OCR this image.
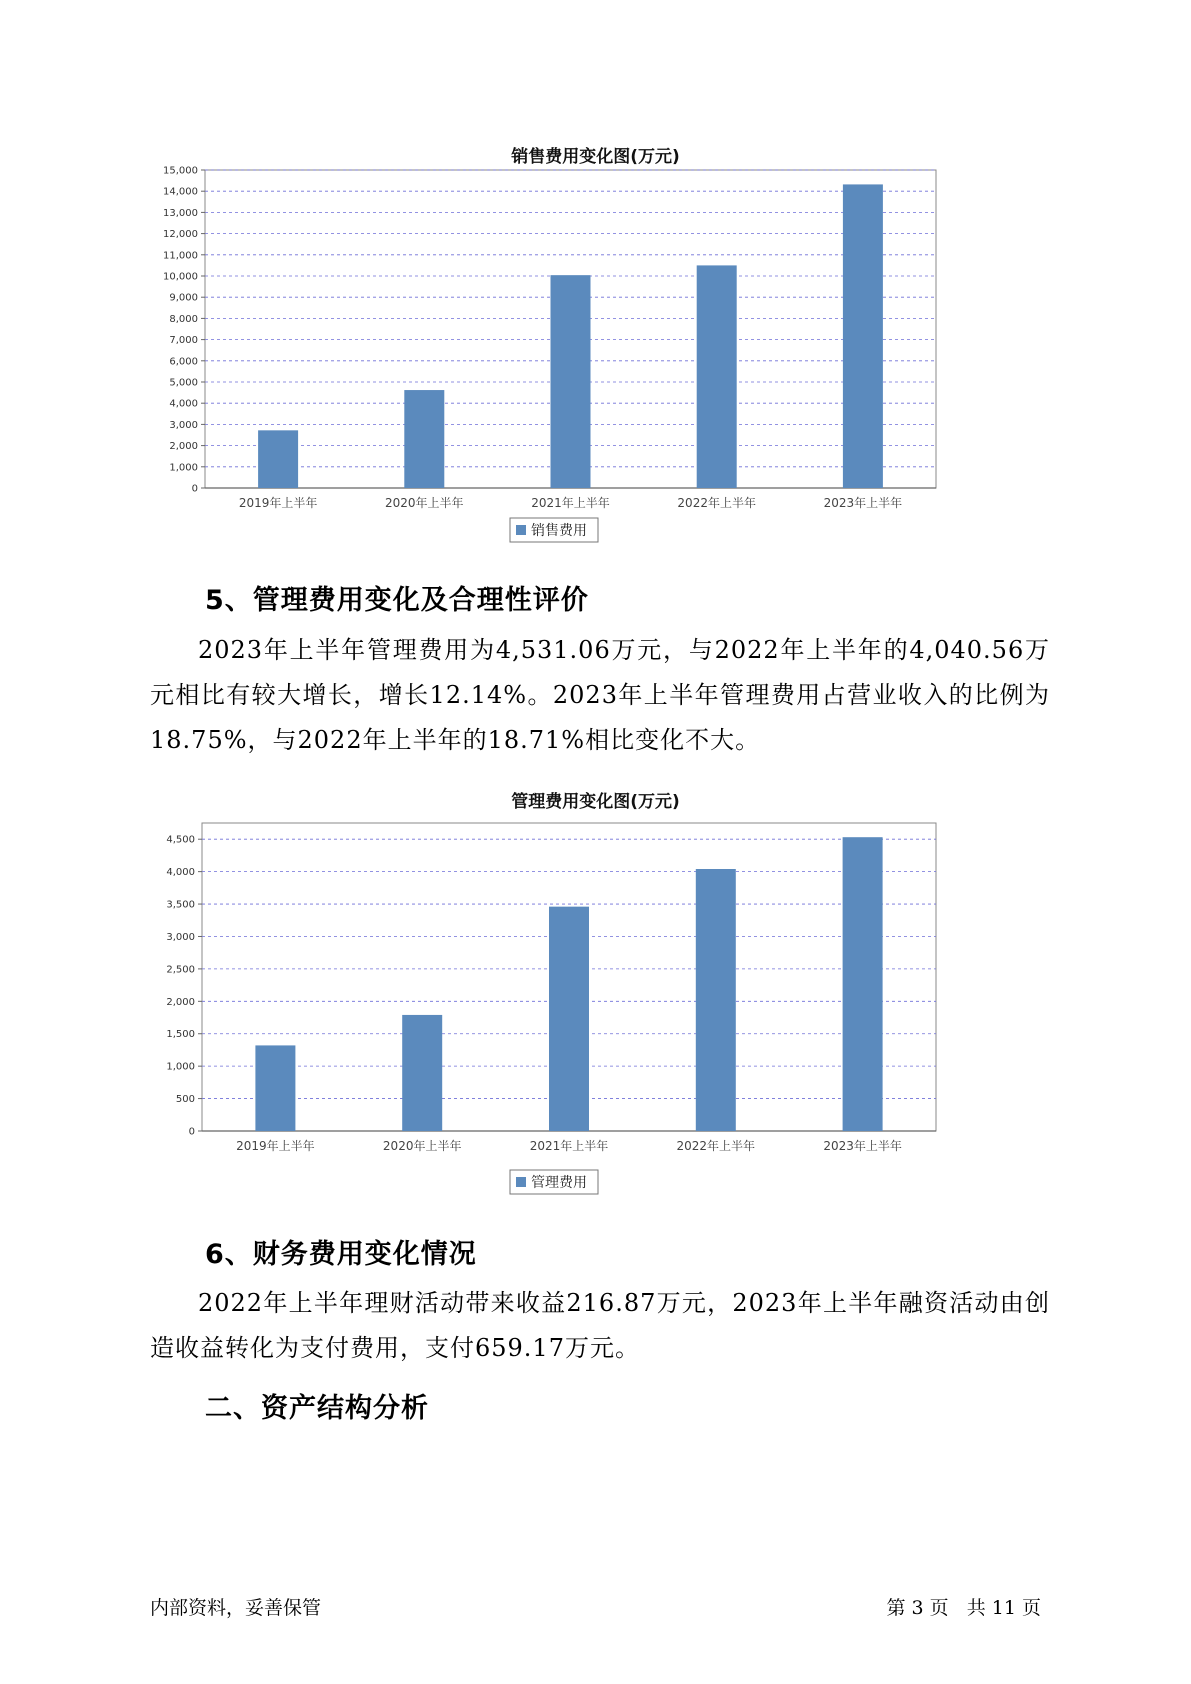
销售费用变化图(万元)
0
1,000
2,000
3,000
4,000
5,000
6,000
7,000
8,000
9,000
10,000
11,000
12,000
13,000
14,000
15,000
2019年上半年	2020年上半年	2021年上半年	2022年上半年	2023年上半年
销售费用
5、管理费用变化及合理性评价
2023年上半年管理费用为4,531.06万元，与2022年上半年的4,040.56万元相比有较大增长，增长12.14%。2023年上半年管理费用占营业收入的比例为18.75%，与2022年上半年的18.71%相比变化不大。
管理费用变化图(万元)
0
500
1,000
1,500
2,000
2,500
3,000
3,500
4,000
4,500
2019年上半年	2020年上半年	2021年上半年	2022年上半年	2023年上半年
管理费用
6、财务费用变化情况
2022年上半年理财活动带来收益216.87万元，2023年上半年融资活动由创造收益转化为支付费用，支付659.17万元。
二、资产结构分析
内部资料，妥善保管	第 3 页   共 11 页
